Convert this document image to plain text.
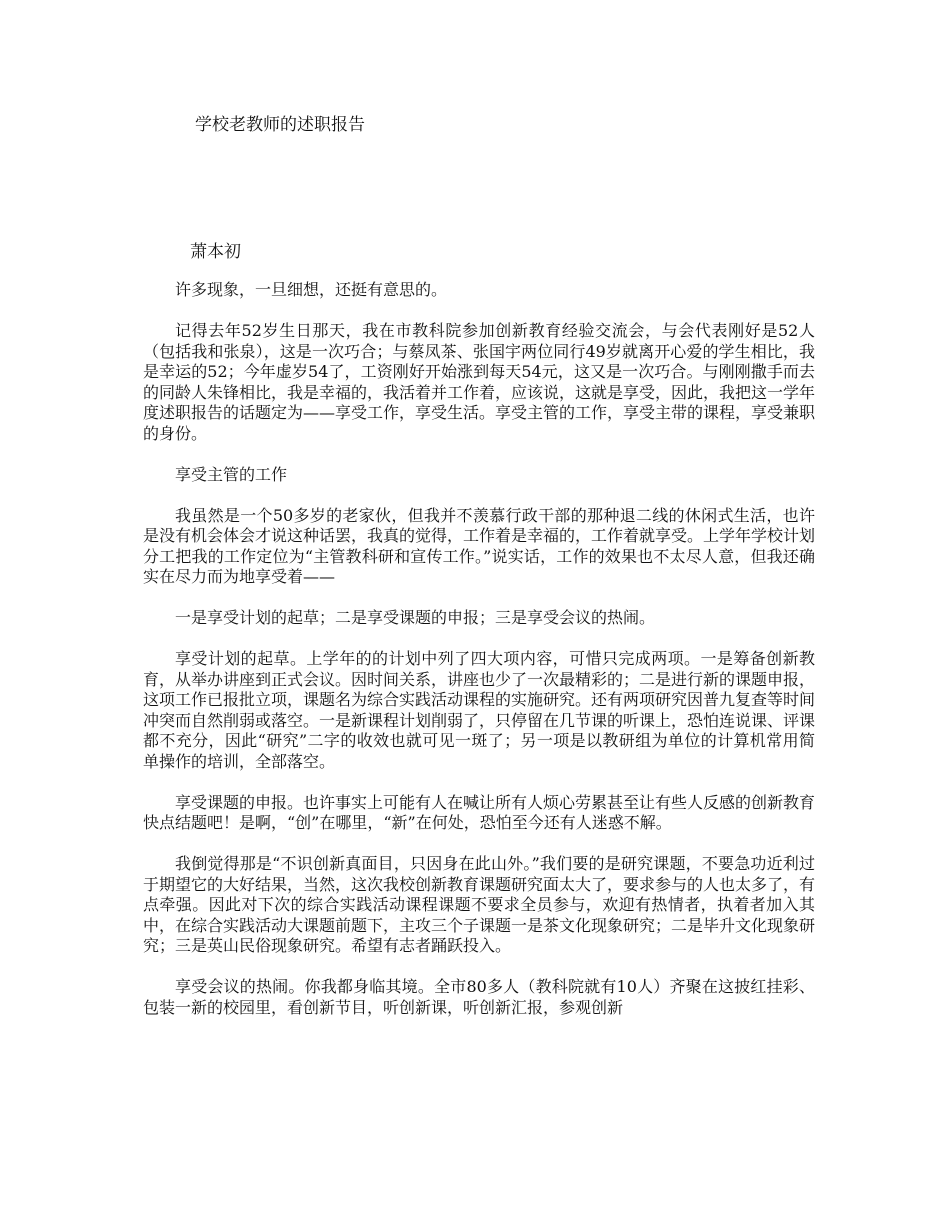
学校老教师的述职报告
萧本初

许多现象，一旦细想，还挺有意思的。

记得去年52岁生日那天，我在市教科院参加创新教育经验交流会，与会代表刚好是52人（包括我和张泉），这是一次巧合；与蔡凤茶、张国宇两位同行49岁就离开心爱的学生相比，我是幸运的52；今年虚岁54了，工资刚好开始涨到每天54元，这又是一次巧合。与刚刚撒手而去的同龄人朱锋相比，我是幸福的，我活着并工作着，应该说，这就是享受，因此，我把这一学年度述职报告的话题定为——享受工作，享受生活。享受主管的工作，享受主带的课程，享受兼职的身份。

享受主管的工作

我虽然是一个50多岁的老家伙，但我并不羡慕行政干部的那种退二线的休闲式生活，也许是没有机会体会才说这种话罢，我真的觉得，工作着是幸福的，工作着就享受。上学年学校计划分工把我的工作定位为“主管教科研和宣传工作。”说实话，工作的效果也不太尽人意，但我还确实在尽力而为地享受着——

一是享受计划的起草；二是享受课题的申报；三是享受会议的热闹。

享受计划的起草。上学年的的计划中列了四大项内容，可惜只完成两项。一是筹备创新教育，从举办讲座到正式会议。因时间关系，讲座也少了一次最精彩的；二是进行新的课题申报，这项工作已报批立项，课题名为综合实践活动课程的实施研究。还有两项研究因普九复查等时间冲突而自然削弱或落空。一是新课程计划削弱了，只停留在几节课的听课上，恐怕连说课、评课都不充分，因此“研究”二字的收效也就可见一斑了；另一项是以教研组为单位的计算机常用简单操作的培训，全部落空。

享受课题的申报。也许事实上可能有人在喊让所有人烦心劳累甚至让有些人反感的创新教育快点结题吧！是啊，“创”在哪里，“新”在何处，恐怕至今还有人迷惑不解。

我倒觉得那是“不识创新真面目，只因身在此山外。”我们要的是研究课题，不要急功近利过于期望它的大好结果，当然，这次我校创新教育课题研究面太大了，要求参与的人也太多了，有点牵强。因此对下次的综合实践活动课程课题不要求全员参与，欢迎有热情者，执着者加入其中，在综合实践活动大课题前题下，主攻三个子课题一是茶文化现象研究；二是毕升文化现象研究；三是英山民俗现象研究。希望有志者踊跃投入。

享受会议的热闹。你我都身临其境。全市80多人（教科院就有10人）齐聚在这披红挂彩、包装一新的校园里，看创新节目，听创新课，听创新汇报，参观创新
